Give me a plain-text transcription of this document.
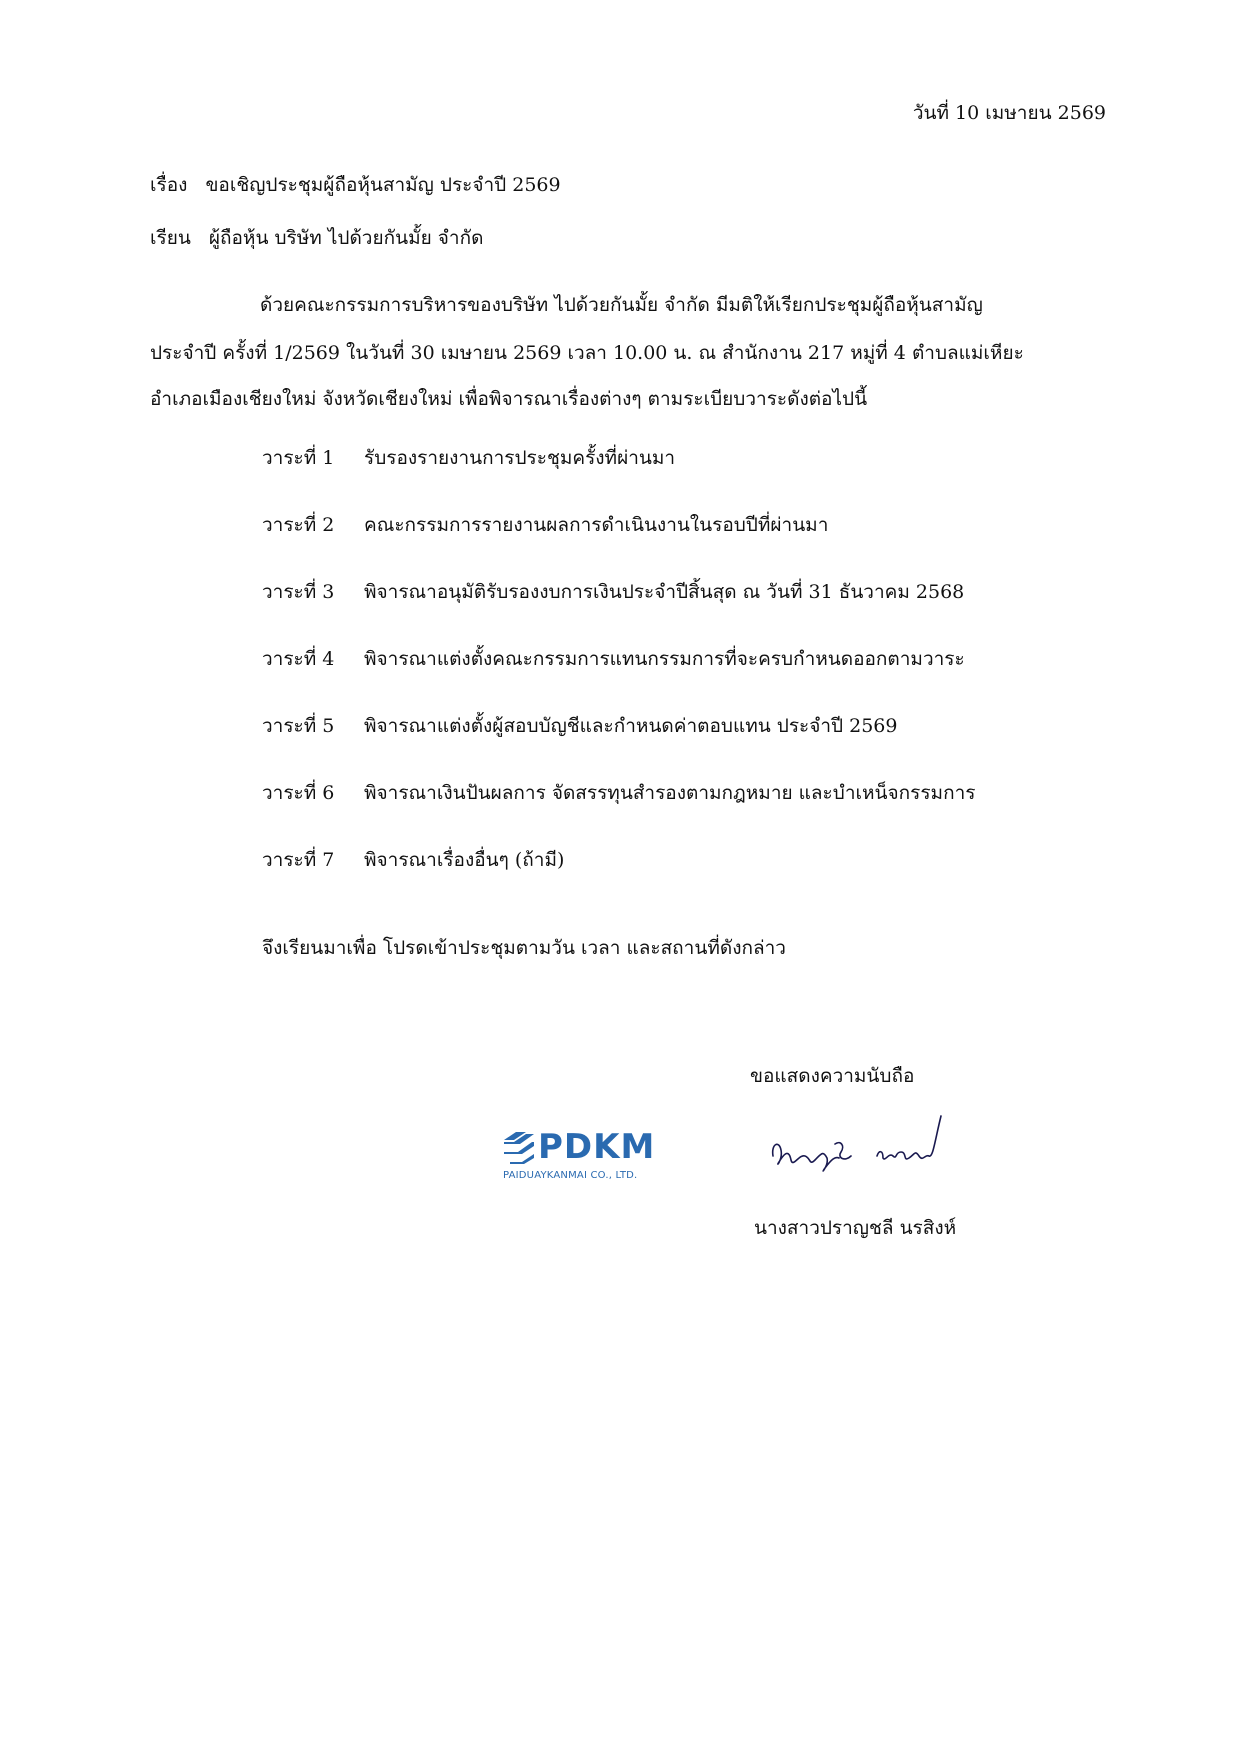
วันที่ 10 เมษายน 2569
เรื่อง ขอเชิญประชุมผู้ถือหุ้นสามัญ ประจำปี 2569
เรียน ผู้ถือหุ้น บริษัท ไปด้วยกันมั้ย จำกัด
ด้วยคณะกรรมการบริหารของบริษัท ไปด้วยกันมั้ย จำกัด มีมติให้เรียกประชุมผู้ถือหุ้นสามัญ
ประจำปี ครั้งที่ 1/2569 ในวันที่ 30 เมษายน 2569 เวลา 10.00 น. ณ สำนักงาน 217 หมู่ที่ 4 ตำบลแม่เหียะ
อำเภอเมืองเชียงใหม่ จังหวัดเชียงใหม่ เพื่อพิจารณาเรื่องต่างๆ ตามระเบียบวาระดังต่อไปนี้
วาระที่ 1 รับรองรายงานการประชุมครั้งที่ผ่านมา
วาระที่ 2 คณะกรรมการรายงานผลการดำเนินงานในรอบปีที่ผ่านมา
วาระที่ 3 พิจารณาอนุมัติรับรองงบการเงินประจำปีสิ้นสุด ณ วันที่ 31 ธันวาคม 2568
วาระที่ 4 พิจารณาแต่งตั้งคณะกรรมการแทนกรรมการที่จะครบกำหนดออกตามวาระ
วาระที่ 5 พิจารณาแต่งตั้งผู้สอบบัญชีและกำหนดค่าตอบแทน ประจำปี 2569
วาระที่ 6 พิจารณาเงินปันผลการ จัดสรรทุนสำรองตามกฎหมาย และบำเหน็จกรรมการ
วาระที่ 7 พิจารณาเรื่องอื่นๆ (ถ้ามี)
จึงเรียนมาเพื่อ โปรดเข้าประชุมตามวัน เวลา และสถานที่ดังกล่าว
ขอแสดงความนับถือ
PDKM
PAIDUAYKANMAI CO., LTD.
นางสาวปราญชลี นรสิงห์
